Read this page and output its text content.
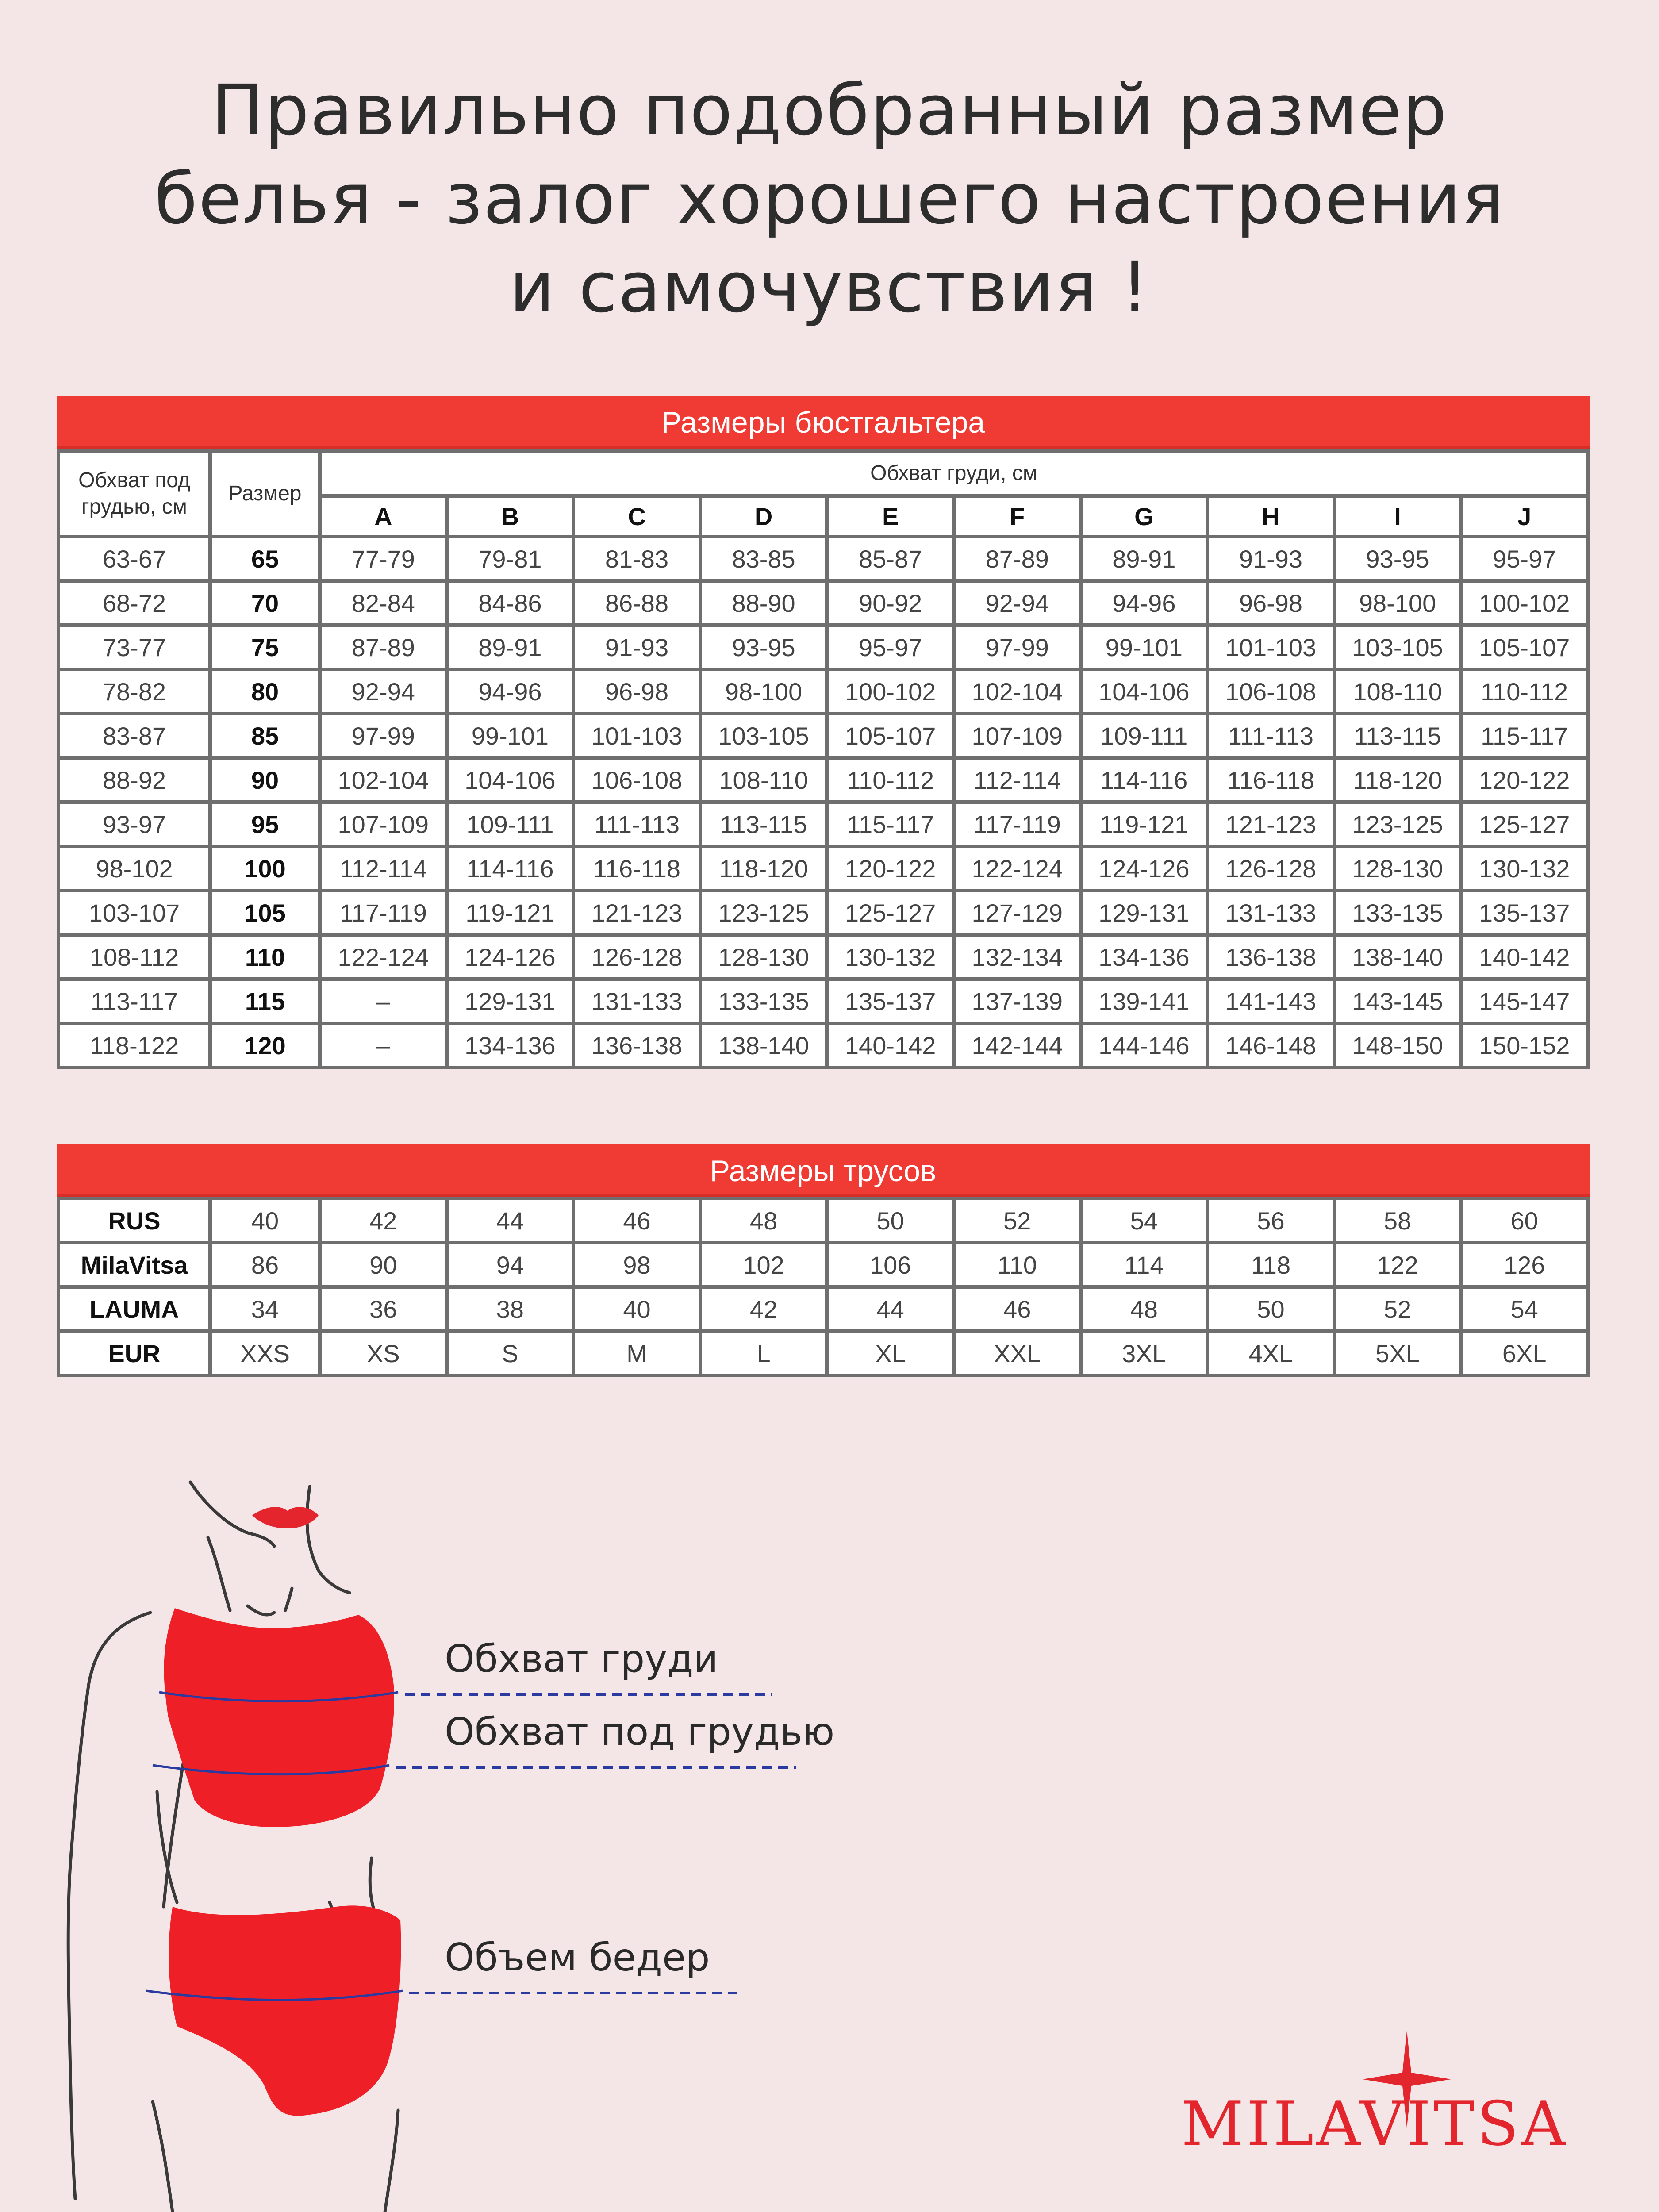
Правильно подобранный размер
белья - залог хорошего настроения
и самочувствия !
Размеры бюстгальтера
Обхват под грудью, см	Размер	Обхват груди, см									
		A	B	C	D	E	F	G	H	I	J
63-67	65	77-79	79-81	81-83	83-85	85-87	87-89	89-91	91-93	93-95	95-97
68-72	70	82-84	84-86	86-88	88-90	90-92	92-94	94-96	96-98	98-100	100-102
73-77	75	87-89	89-91	91-93	93-95	95-97	97-99	99-101	101-103	103-105	105-107
78-82	80	92-94	94-96	96-98	98-100	100-102	102-104	104-106	106-108	108-110	110-112
83-87	85	97-99	99-101	101-103	103-105	105-107	107-109	109-111	111-113	113-115	115-117
88-92	90	102-104	104-106	106-108	108-110	110-112	112-114	114-116	116-118	118-120	120-122
93-97	95	107-109	109-111	111-113	113-115	115-117	117-119	119-121	121-123	123-125	125-127
98-102	100	112-114	114-116	116-118	118-120	120-122	122-124	124-126	126-128	128-130	130-132
103-107	105	117-119	119-121	121-123	123-125	125-127	127-129	129-131	131-133	133-135	135-137
108-112	110	122-124	124-126	126-128	128-130	130-132	132-134	134-136	136-138	138-140	140-142
113-117	115	–	129-131	131-133	133-135	135-137	137-139	139-141	141-143	143-145	145-147
118-122	120	–	134-136	136-138	138-140	140-142	142-144	144-146	146-148	148-150	150-152
Размеры трусов
RUS	40	42	44	46	48	50	52	54	56	58	60
MilaVitsa	86	90	94	98	102	106	110	114	118	122	126
LAUMA	34	36	38	40	42	44	46	48	50	52	54
EUR	XXS	XS	S	M	L	XL	XXL	3XL	4XL	5XL	6XL
Обхват груди
Обхват под грудью
Объем бедер
MILAVITSA
